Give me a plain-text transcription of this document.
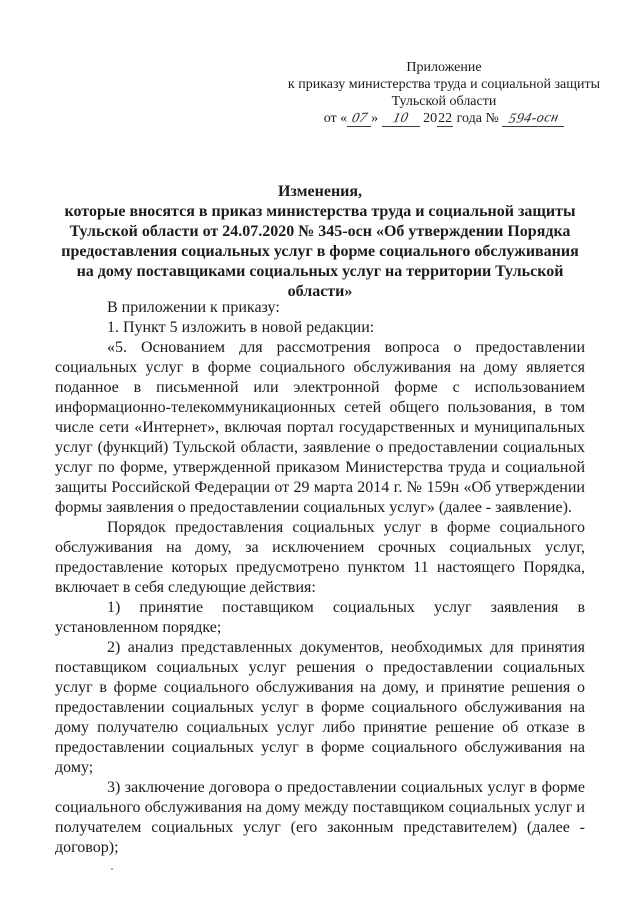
Приложение
к приказу министерства труда и социальной защиты
Тульской области
от « 07 » 10 2022 года № 594-осн
Изменения,
которые вносятся в приказ министерства труда и социальной защиты Тульской области от 24.07.2020 № 345-осн «Об утверждении Порядка предоставления социальных услуг в форме социального обслуживания на дому поставщиками социальных услуг на территории Тульской области»

В приложении к приказу:

1. Пункт 5 изложить в новой редакции:

«5. Основанием для рассмотрения вопроса о предоставлении социальных услуг в форме социального обслуживания на дому является поданное в письменной или электронной форме с использованием информационно-телекоммуникационных сетей общего пользования, в том числе сети «Интернет», включая портал государственных и муниципальных услуг (функций) Тульской области, заявление о предоставлении социальных услуг по форме, утвержденной приказом Министерства труда и социальной защиты Российской Федерации от 29 марта 2014 г. № 159н «Об утверждении формы заявления о предоставлении социальных услуг» (далее - заявление).

Порядок предоставления социальных услуг в форме социального обслуживания на дому, за исключением срочных социальных услуг, предоставление которых предусмотрено пунктом 11 настоящего Порядка, включает в себя следующие действия:

1) принятие поставщиком социальных услуг заявления в установленном порядке;

2) анализ представленных документов, необходимых для принятия поставщиком социальных услуг решения о предоставлении социальных услуг в форме социального обслуживания на дому, и принятие решения о предоставлении социальных услуг в форме социального обслуживания на дому получателю социальных услуг либо принятие решение об отказе в предоставлении социальных услуг в форме социального обслуживания на дому;

3) заключение договора о предоставлении социальных услуг в форме социального обслуживания на дому между поставщиком социальных услуг и получателем социальных услуг (его законным представителем) (далее - договор);
